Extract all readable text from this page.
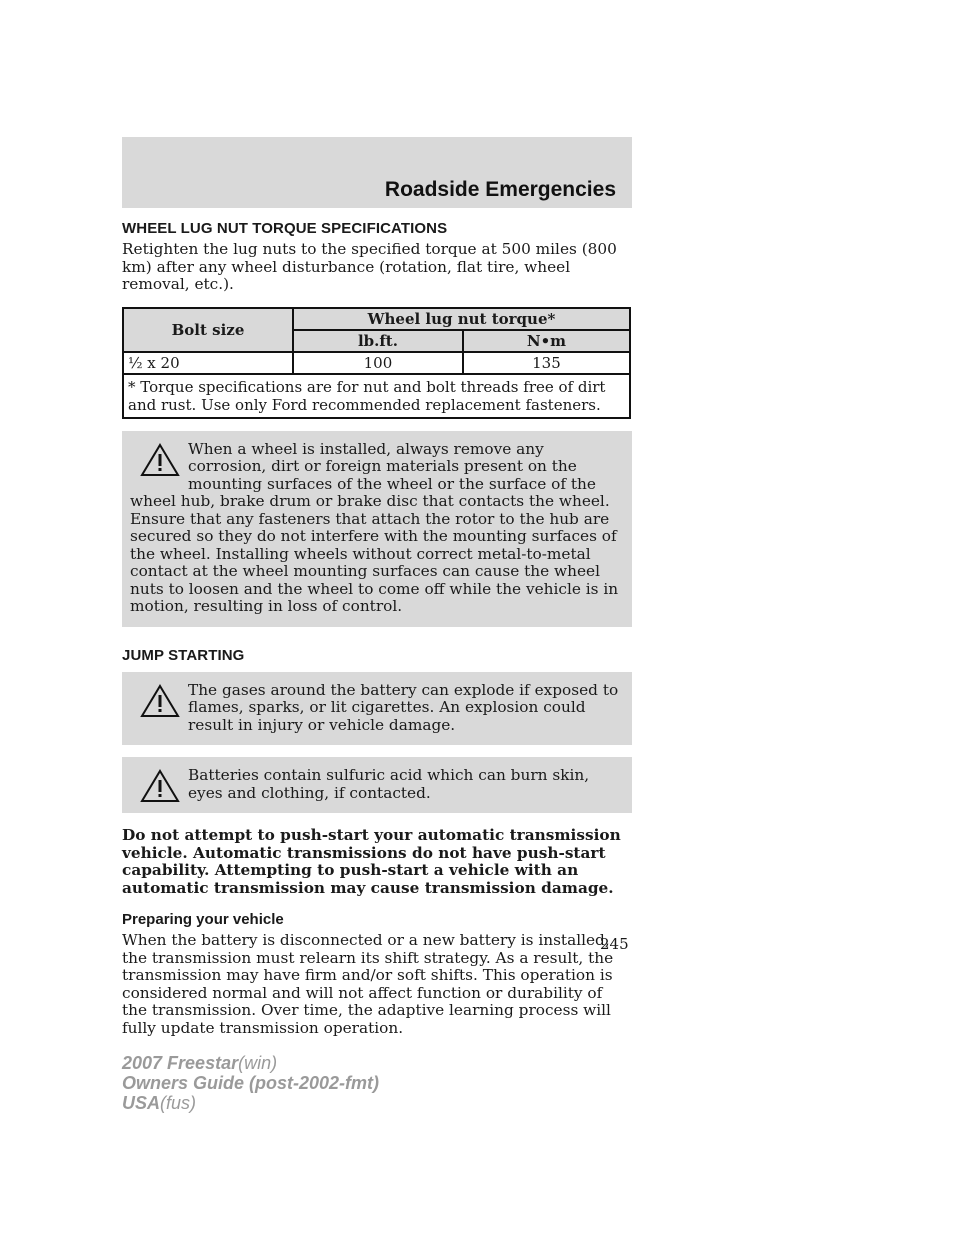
Roadside Emergencies
WHEEL LUG NUT TORQUE SPECIFICATIONS

Retighten the lug nuts to the specified torque at 500 miles (800 km) after any wheel disturbance (rotation, flat tire, wheel removal, etc.).

Bolt size	Wheel lug nut torque*	
	lb.ft.	N•m
½ x 20	100	135
* Torque specifications are for nut and bolt threads free of dirt and rust. Use only Ford recommended replacement fasteners.		
When a wheel is installed, always remove any corrosion, dirt or foreign materials present on the mounting surfaces of the wheel or the surface of the wheel hub, brake drum or brake disc that contacts the wheel. Ensure that any fasteners that attach the rotor to the hub are secured so they do not interfere with the mounting surfaces of the wheel. Installing wheels without correct metal-to-metal contact at the wheel mounting surfaces can cause the wheel nuts to loosen and the wheel to come off while the vehicle is in motion, resulting in loss of control.
JUMP STARTING
The gases around the battery can explode if exposed to flames, sparks, or lit cigarettes. An explosion could result in injury or vehicle damage.
Batteries contain sulfuric acid which can burn skin, eyes and clothing, if contacted.

Do not attempt to push-start your automatic transmission vehicle. Automatic transmissions do not have push-start capability. Attempting to push-start a vehicle with an automatic transmission may cause transmission damage.

Preparing your vehicle

When the battery is disconnected or a new battery is installed, the transmission must relearn its shift strategy. As a result, the transmission may have firm and/or soft shifts. This operation is considered normal and will not affect function or durability of the transmission. Over time, the adaptive learning process will fully update transmission operation.

245
2007 Freestar(win)
Owners Guide (post-2002-fmt)
USA(fus)
